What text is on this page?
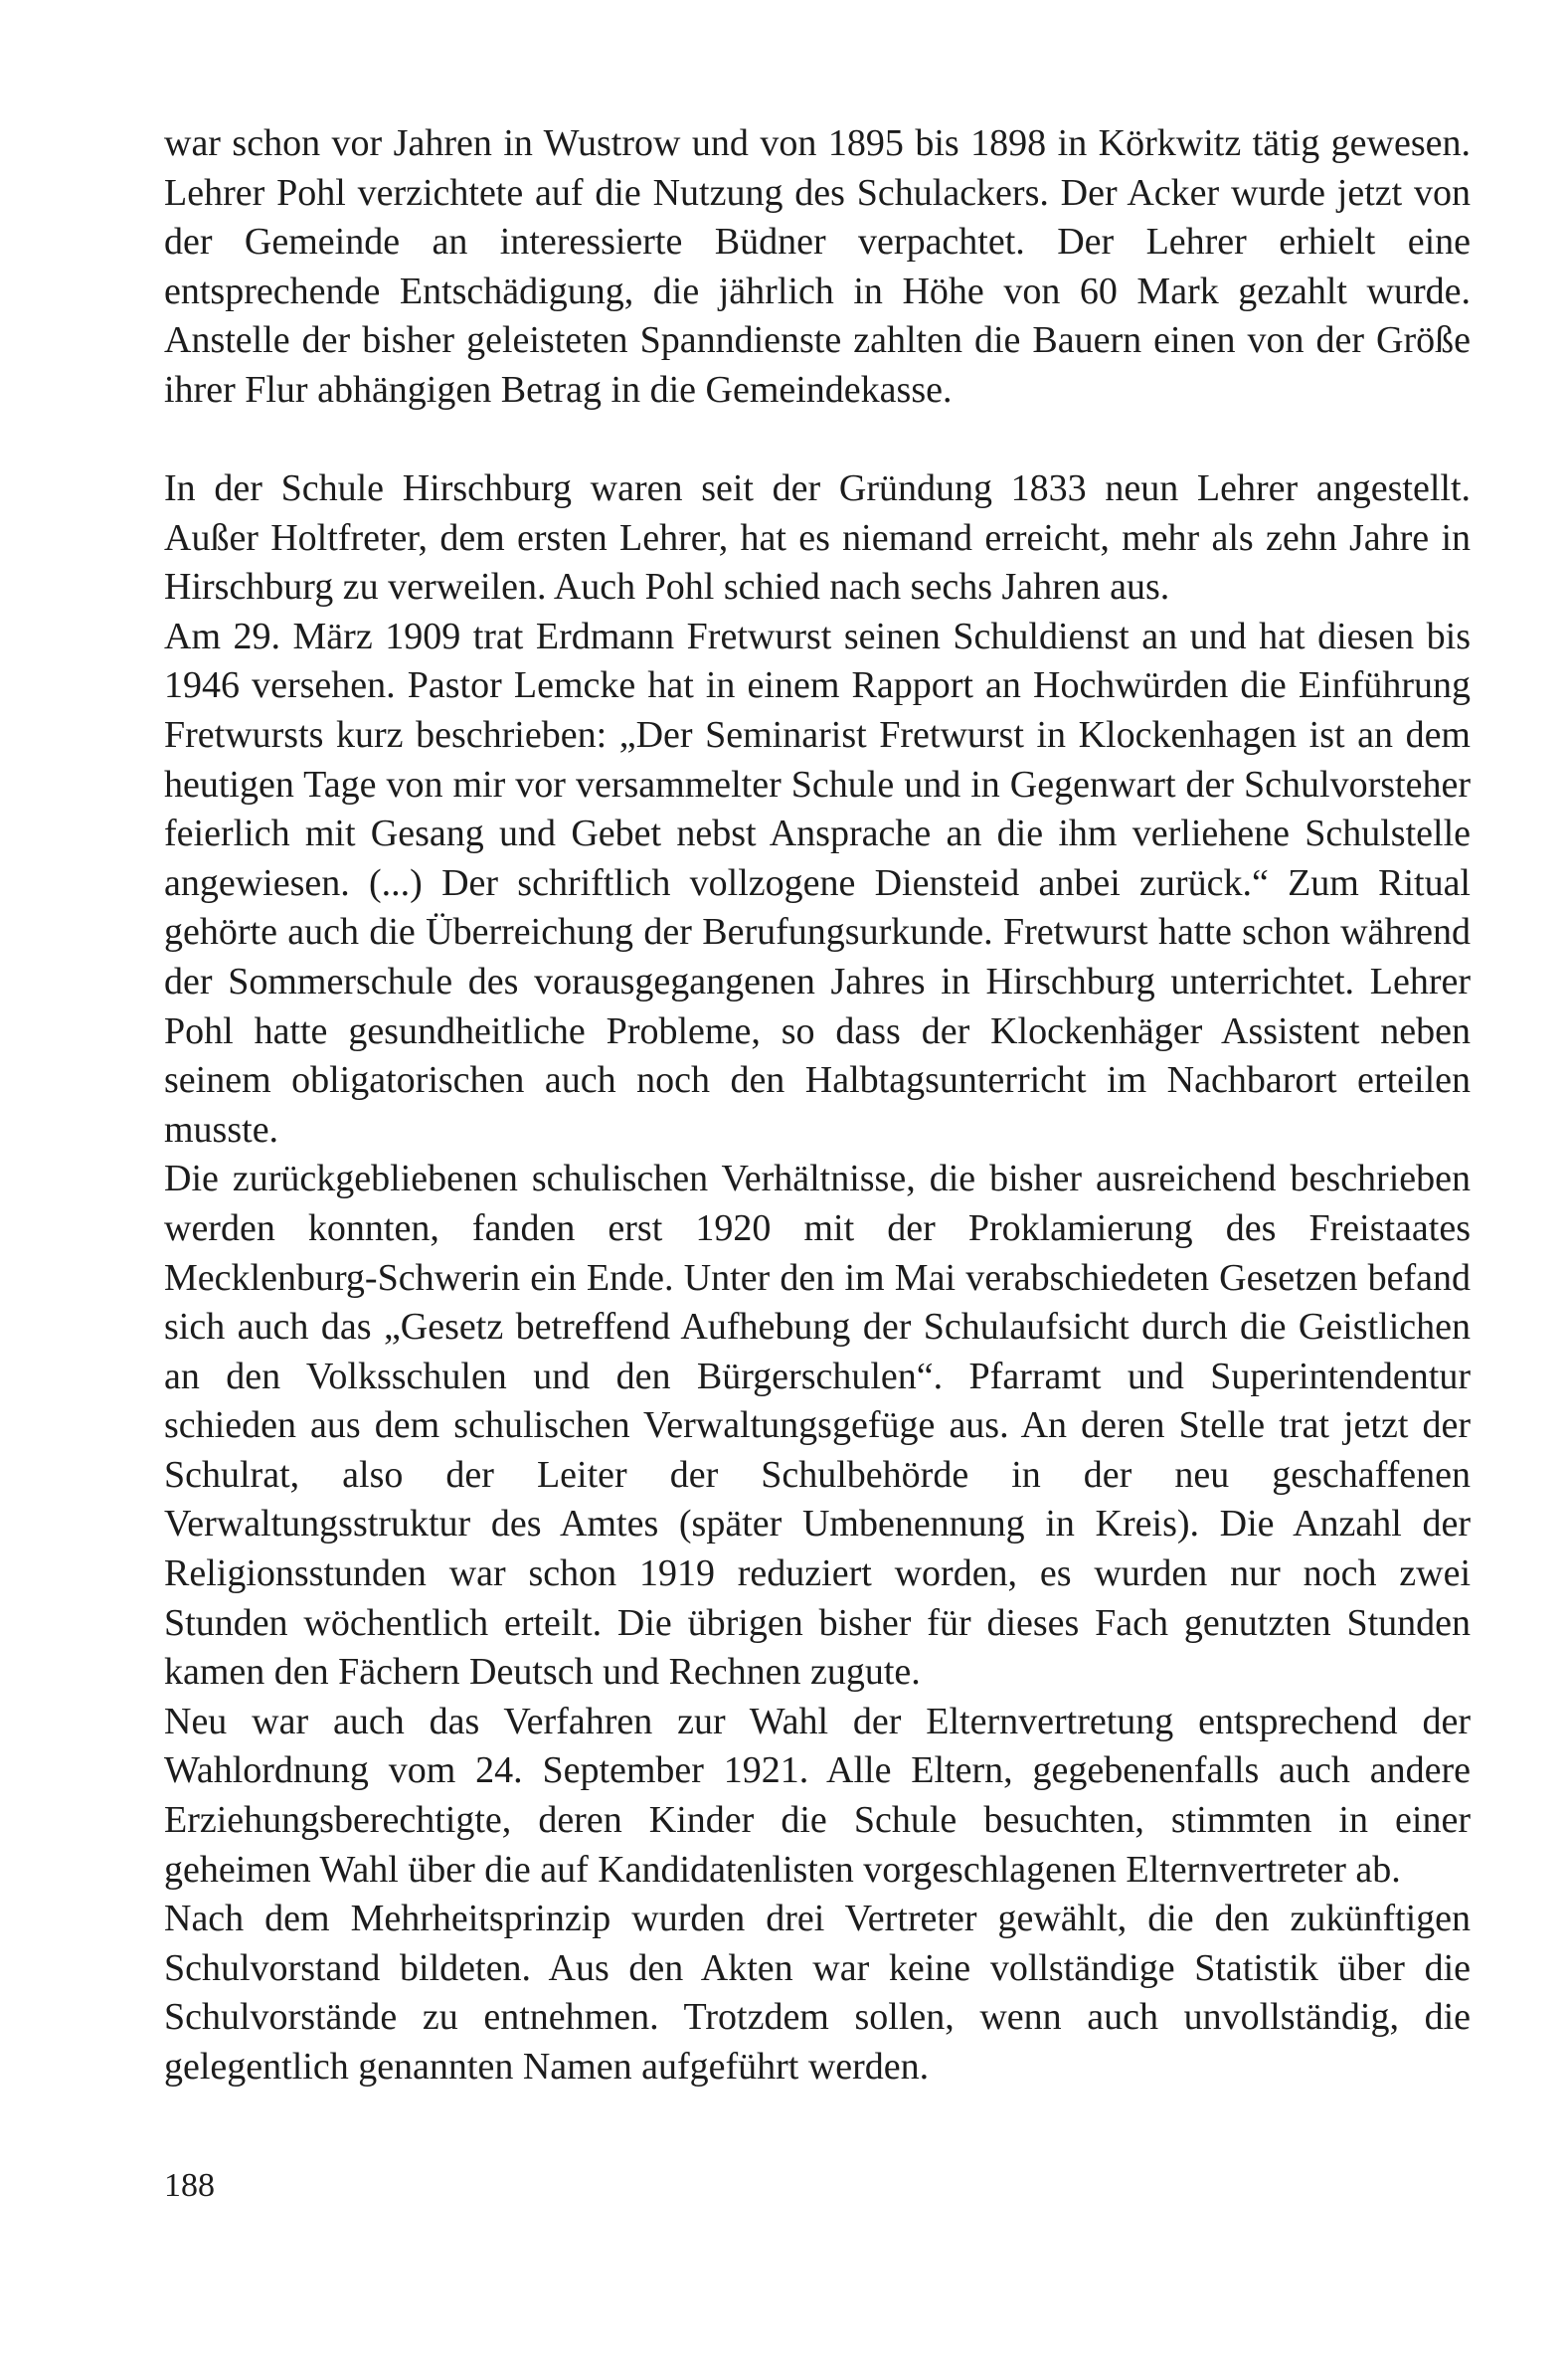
war schon vor Jahren in Wustrow und von 1895 bis 1898 in Körkwitz tätig gewesen. Lehrer Pohl verzichtete auf die Nutzung des Schulackers. Der Acker wurde jetzt von der Gemeinde an interessierte Büdner verpachtet. Der Lehrer erhielt eine entsprechende Entschädigung, die jährlich in Höhe von 60 Mark gezahlt wurde. Anstelle der bisher geleisteten Spanndienste zahlten die Bauern einen von der Größe ihrer Flur abhängigen Betrag in die Gemeindekasse.

In der Schule Hirschburg waren seit der Gründung 1833 neun Lehrer angestellt. Außer Holtfreter, dem ersten Lehrer, hat es niemand erreicht, mehr als zehn Jahre in Hirschburg zu verweilen. Auch Pohl schied nach sechs Jahren aus.

Am 29. März 1909 trat Erdmann Fretwurst seinen Schuldienst an und hat diesen bis 1946 versehen. Pastor Lemcke hat in einem Rapport an Hochwürden die Einführung Fretwursts kurz beschrieben: „Der Seminarist Fretwurst in Klockenhagen ist an dem heutigen Tage von mir vor versammelter Schule und in Gegenwart der Schulvorsteher feierlich mit Gesang und Gebet nebst Ansprache an die ihm verliehene Schulstelle angewiesen. (...) Der schriftlich vollzogene Diensteid anbei zurück.“ Zum Ritual gehörte auch die Überreichung der Berufungsurkunde. Fretwurst hatte schon während der Sommerschule des vorausgegangenen Jahres in Hirschburg unterrichtet. Lehrer Pohl hatte gesundheitliche Probleme, so dass der Klockenhäger Assistent neben seinem obligatorischen auch noch den Halbtagsunterricht im Nachbarort erteilen musste.

Die zurückgebliebenen schulischen Verhältnisse, die bisher ausreichend beschrieben werden konnten, fanden erst 1920 mit der Proklamierung des Freistaates Mecklenburg-Schwerin ein Ende. Unter den im Mai verabschiedeten Gesetzen befand sich auch das „Gesetz betreffend Aufhebung der Schulaufsicht durch die Geistlichen an den Volksschulen und den Bürgerschulen“. Pfarramt und Superintendentur schieden aus dem schulischen Verwaltungsgefüge aus. An deren Stelle trat jetzt der Schulrat, also der Leiter der Schulbehörde in der neu geschaffenen Verwaltungsstruktur des Amtes (später Umbenennung in Kreis). Die Anzahl der Religionsstunden war schon 1919 reduziert worden, es wurden nur noch zwei Stunden wöchentlich erteilt. Die übrigen bisher für dieses Fach genutzten Stunden kamen den Fächern Deutsch und Rechnen zugute.

Neu war auch das Verfahren zur Wahl der Elternvertretung entsprechend der Wahlordnung vom 24. September 1921. Alle Eltern, gegebenenfalls auch andere Erziehungsberechtigte, deren Kinder die Schule besuchten, stimmten in einer geheimen Wahl über die auf Kandidatenlisten vorgeschlagenen Elternvertreter ab.

Nach dem Mehrheitsprinzip wurden drei Vertreter gewählt, die den zukünftigen Schulvorstand bildeten. Aus den Akten war keine vollständige Statistik über die Schulvorstände zu entnehmen. Trotzdem sollen, wenn auch unvollständig, die gelegentlich genannten Namen aufgeführt werden.

188
